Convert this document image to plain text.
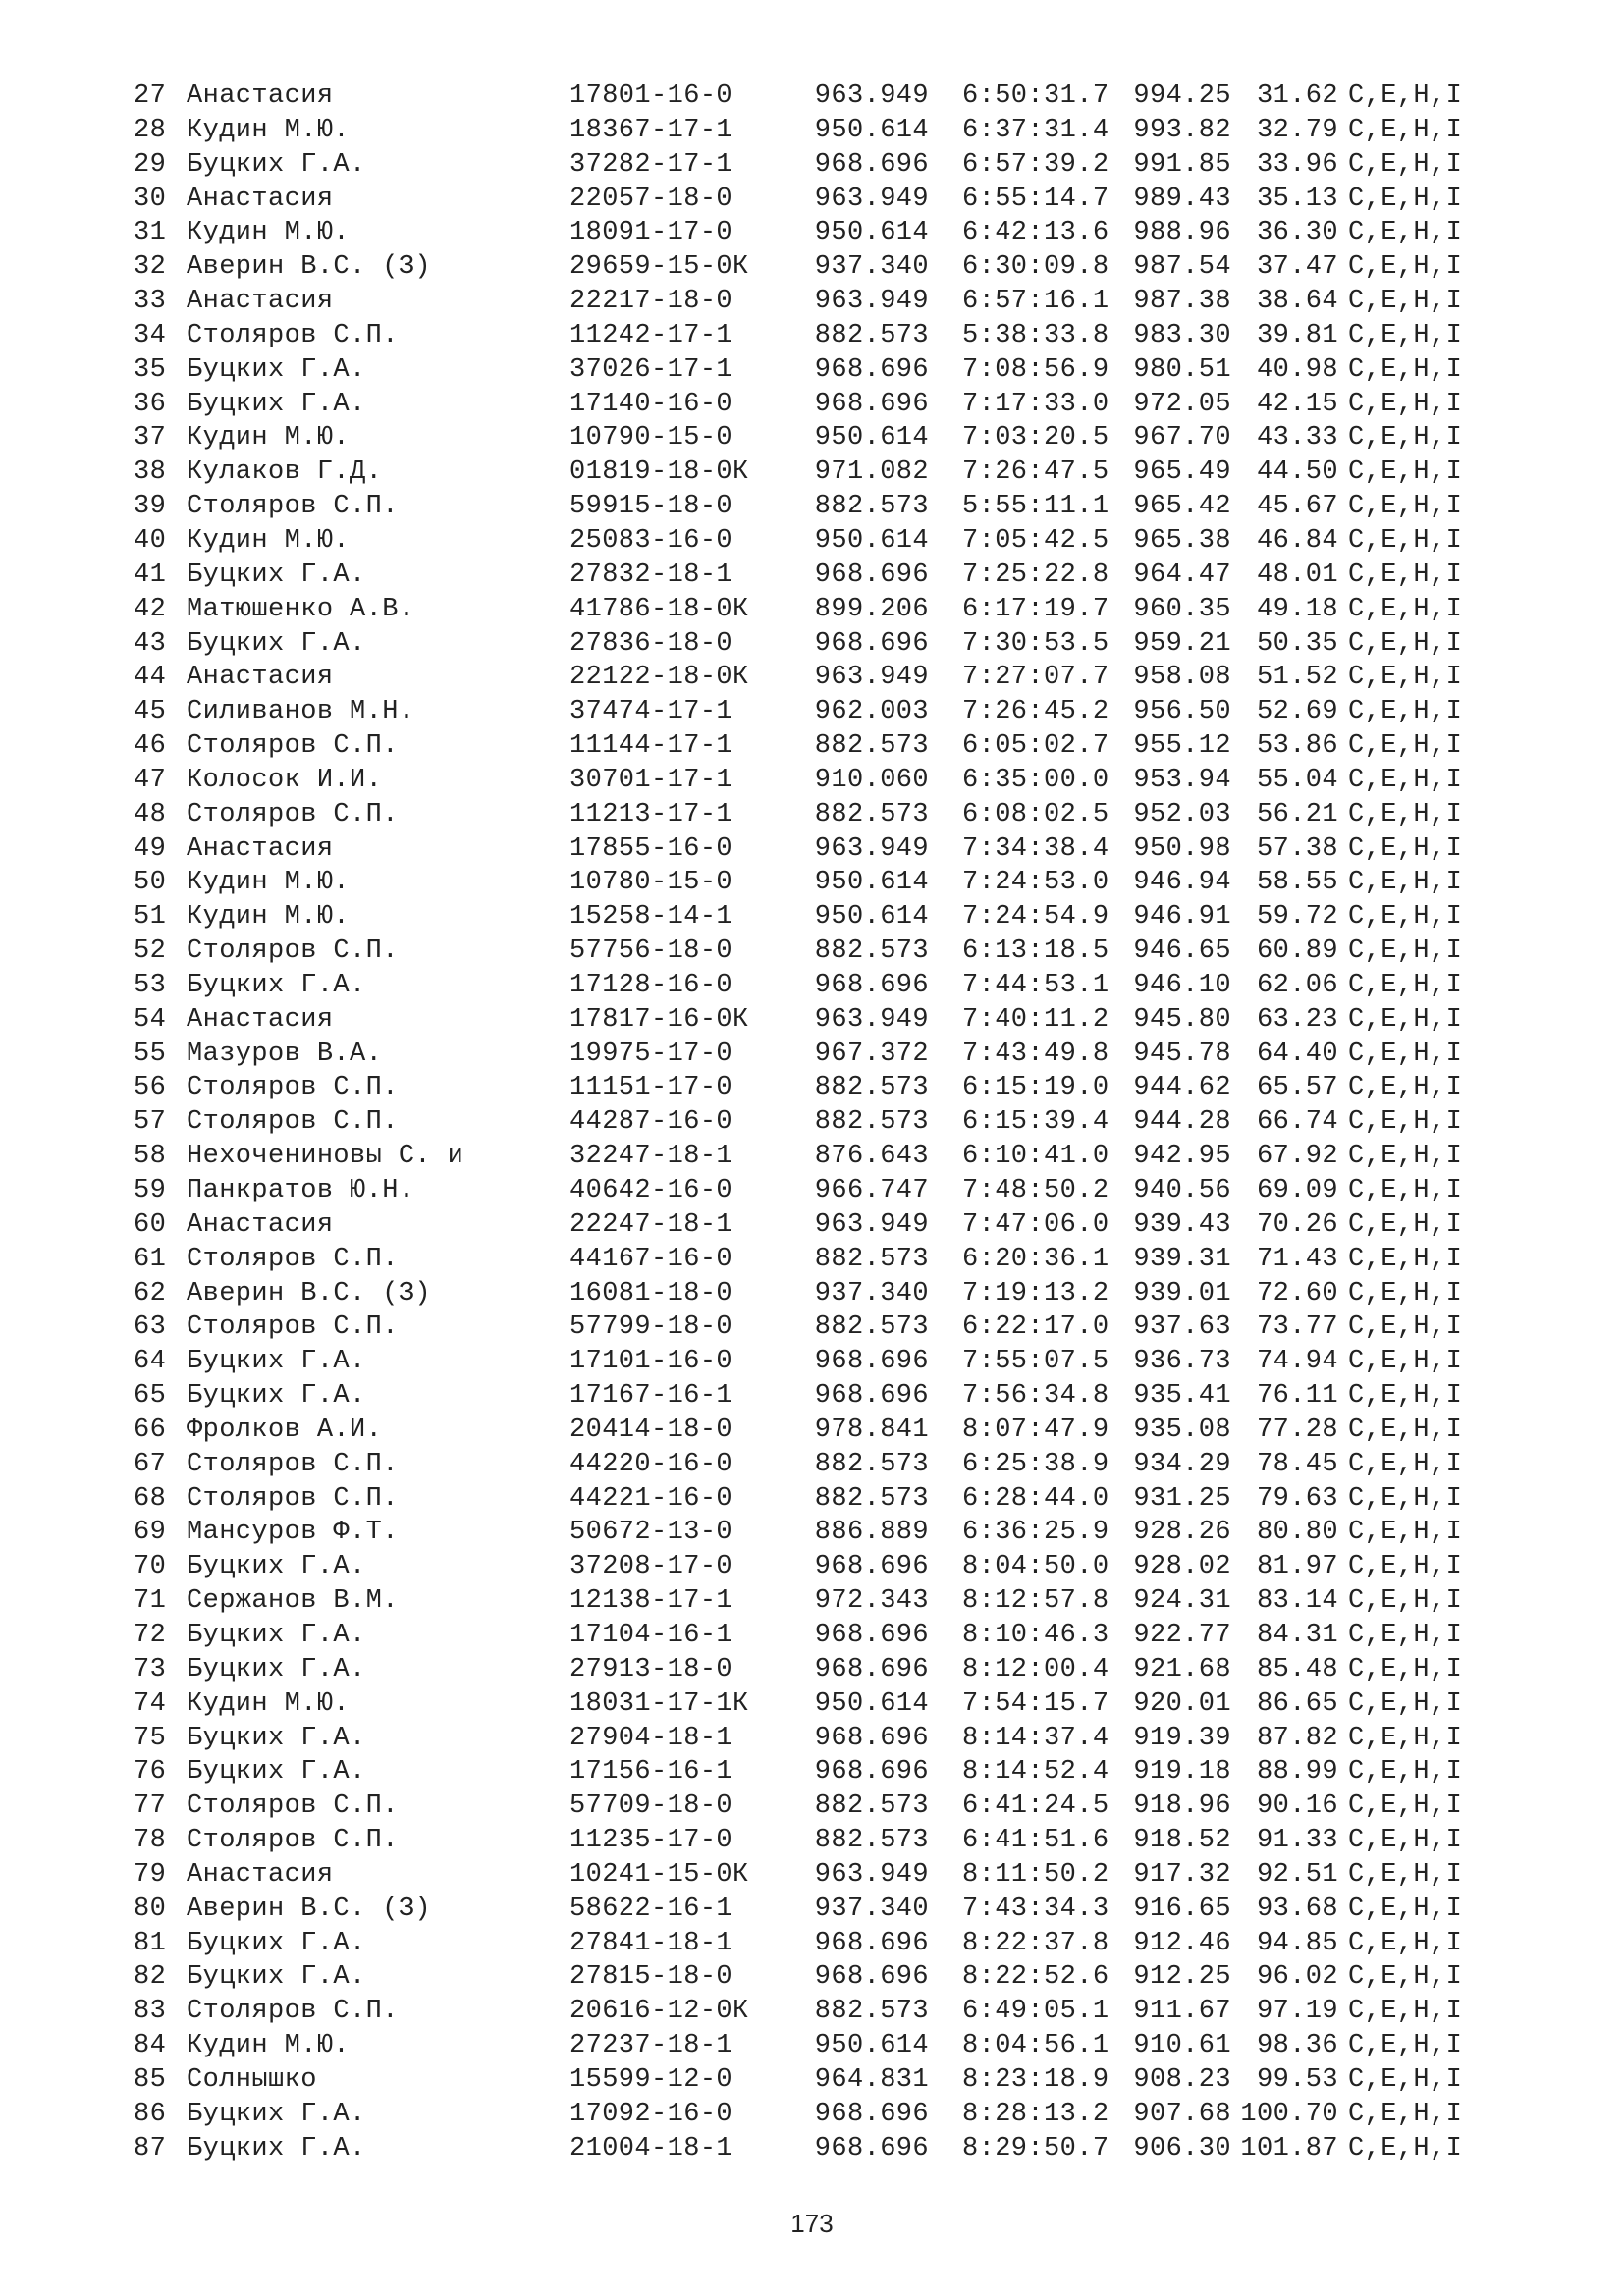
27	Анастасия	17801-16-0	963.949	6:50:31.7	994.25	31.62	C,E,H,I
28	Кудин М.Ю.	18367-17-1	950.614	6:37:31.4	993.82	32.79	C,E,H,I
29	Буцких Г.А.	37282-17-1	968.696	6:57:39.2	991.85	33.96	C,E,H,I
30	Анастасия	22057-18-0	963.949	6:55:14.7	989.43	35.13	C,E,H,I
31	Кудин М.Ю.	18091-17-0	950.614	6:42:13.6	988.96	36.30	C,E,H,I
32	Аверин В.С. (З)	29659-15-0К	937.340	6:30:09.8	987.54	37.47	C,E,H,I
33	Анастасия	22217-18-0	963.949	6:57:16.1	987.38	38.64	C,E,H,I
34	Столяров С.П.	11242-17-1	882.573	5:38:33.8	983.30	39.81	C,E,H,I
35	Буцких Г.А.	37026-17-1	968.696	7:08:56.9	980.51	40.98	C,E,H,I
36	Буцких Г.А.	17140-16-0	968.696	7:17:33.0	972.05	42.15	C,E,H,I
37	Кудин М.Ю.	10790-15-0	950.614	7:03:20.5	967.70	43.33	C,E,H,I
38	Кулаков Г.Д.	01819-18-0К	971.082	7:26:47.5	965.49	44.50	C,E,H,I
39	Столяров С.П.	59915-18-0	882.573	5:55:11.1	965.42	45.67	C,E,H,I
40	Кудин М.Ю.	25083-16-0	950.614	7:05:42.5	965.38	46.84	C,E,H,I
41	Буцких Г.А.	27832-18-1	968.696	7:25:22.8	964.47	48.01	C,E,H,I
42	Матюшенко А.В.	41786-18-0К	899.206	6:17:19.7	960.35	49.18	C,E,H,I
43	Буцких Г.А.	27836-18-0	968.696	7:30:53.5	959.21	50.35	C,E,H,I
44	Анастасия	22122-18-0К	963.949	7:27:07.7	958.08	51.52	C,E,H,I
45	Силиванов М.Н.	37474-17-1	962.003	7:26:45.2	956.50	52.69	C,E,H,I
46	Столяров С.П.	11144-17-1	882.573	6:05:02.7	955.12	53.86	C,E,H,I
47	Колосок И.И.	30701-17-1	910.060	6:35:00.0	953.94	55.04	C,E,H,I
48	Столяров С.П.	11213-17-1	882.573	6:08:02.5	952.03	56.21	C,E,H,I
49	Анастасия	17855-16-0	963.949	7:34:38.4	950.98	57.38	C,E,H,I
50	Кудин М.Ю.	10780-15-0	950.614	7:24:53.0	946.94	58.55	C,E,H,I
51	Кудин М.Ю.	15258-14-1	950.614	7:24:54.9	946.91	59.72	C,E,H,I
52	Столяров С.П.	57756-18-0	882.573	6:13:18.5	946.65	60.89	C,E,H,I
53	Буцких Г.А.	17128-16-0	968.696	7:44:53.1	946.10	62.06	C,E,H,I
54	Анастасия	17817-16-0К	963.949	7:40:11.2	945.80	63.23	C,E,H,I
55	Мазуров В.А.	19975-17-0	967.372	7:43:49.8	945.78	64.40	C,E,H,I
56	Столяров С.П.	11151-17-0	882.573	6:15:19.0	944.62	65.57	C,E,H,I
57	Столяров С.П.	44287-16-0	882.573	6:15:39.4	944.28	66.74	C,E,H,I
58	Нехочениновы С. и	32247-18-1	876.643	6:10:41.0	942.95	67.92	C,E,H,I
59	Панкратов Ю.Н.	40642-16-0	966.747	7:48:50.2	940.56	69.09	C,E,H,I
60	Анастасия	22247-18-1	963.949	7:47:06.0	939.43	70.26	C,E,H,I
61	Столяров С.П.	44167-16-0	882.573	6:20:36.1	939.31	71.43	C,E,H,I
62	Аверин В.С. (З)	16081-18-0	937.340	7:19:13.2	939.01	72.60	C,E,H,I
63	Столяров С.П.	57799-18-0	882.573	6:22:17.0	937.63	73.77	C,E,H,I
64	Буцких Г.А.	17101-16-0	968.696	7:55:07.5	936.73	74.94	C,E,H,I
65	Буцких Г.А.	17167-16-1	968.696	7:56:34.8	935.41	76.11	C,E,H,I
66	Фролков А.И.	20414-18-0	978.841	8:07:47.9	935.08	77.28	C,E,H,I
67	Столяров С.П.	44220-16-0	882.573	6:25:38.9	934.29	78.45	C,E,H,I
68	Столяров С.П.	44221-16-0	882.573	6:28:44.0	931.25	79.63	C,E,H,I
69	Мансуров Ф.Т.	50672-13-0	886.889	6:36:25.9	928.26	80.80	C,E,H,I
70	Буцких Г.А.	37208-17-0	968.696	8:04:50.0	928.02	81.97	C,E,H,I
71	Сержанов В.М.	12138-17-1	972.343	8:12:57.8	924.31	83.14	C,E,H,I
72	Буцких Г.А.	17104-16-1	968.696	8:10:46.3	922.77	84.31	C,E,H,I
73	Буцких Г.А.	27913-18-0	968.696	8:12:00.4	921.68	85.48	C,E,H,I
74	Кудин М.Ю.	18031-17-1К	950.614	7:54:15.7	920.01	86.65	C,E,H,I
75	Буцких Г.А.	27904-18-1	968.696	8:14:37.4	919.39	87.82	C,E,H,I
76	Буцких Г.А.	17156-16-1	968.696	8:14:52.4	919.18	88.99	C,E,H,I
77	Столяров С.П.	57709-18-0	882.573	6:41:24.5	918.96	90.16	C,E,H,I
78	Столяров С.П.	11235-17-0	882.573	6:41:51.6	918.52	91.33	C,E,H,I
79	Анастасия	10241-15-0К	963.949	8:11:50.2	917.32	92.51	C,E,H,I
80	Аверин В.С. (З)	58622-16-1	937.340	7:43:34.3	916.65	93.68	C,E,H,I
81	Буцких Г.А.	27841-18-1	968.696	8:22:37.8	912.46	94.85	C,E,H,I
82	Буцких Г.А.	27815-18-0	968.696	8:22:52.6	912.25	96.02	C,E,H,I
83	Столяров С.П.	20616-12-0К	882.573	6:49:05.1	911.67	97.19	C,E,H,I
84	Кудин М.Ю.	27237-18-1	950.614	8:04:56.1	910.61	98.36	C,E,H,I
85	Солнышко	15599-12-0	964.831	8:23:18.9	908.23	99.53	C,E,H,I
86	Буцких Г.А.	17092-16-0	968.696	8:28:13.2	907.68	100.70	C,E,H,I
87	Буцких Г.А.	21004-18-1	968.696	8:29:50.7	906.30	101.87	C,E,H,I
173
